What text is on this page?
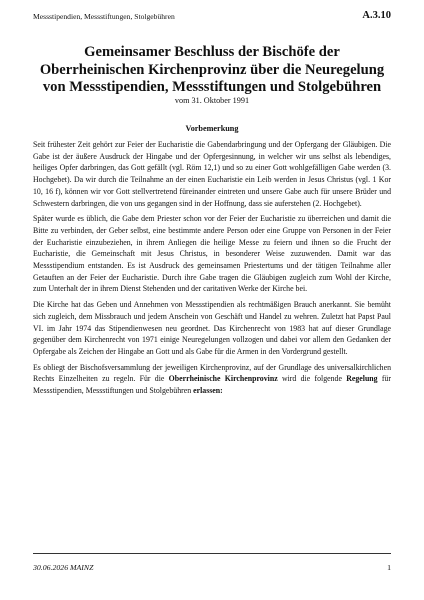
Messstipendien, Messstiftungen, Stolgebühren	A.3.10
Gemeinsamer Beschluss der Bischöfe der
Oberrheinischen Kirchenprovinz über die Neuregelung
von Messstipendien, Messstiftungen und Stolgebühren
vom 31. Oktober 1991
Vorbemerkung

Seit frühester Zeit gehört zur Feier der Eucharistie die Gabendarbringung und der Opfergang der Gläubigen. Die Gabe ist der äußere Ausdruck der Hingabe und der Opfergesinnung, in welcher wir uns selbst als lebendiges, heiliges Opfer darbringen, das Gott gefällt (vgl. Röm 12,1) und so zu einer Gott wohlgefälligen Gabe werden (3. Hochgebet). Da wir durch die Teilnahme an der einen Eucharistie ein Leib werden in Jesus Christus (vgl. 1 Kor 10, 16 f), können wir vor Gott stellvertretend füreinander eintreten und unsere Gabe auch für unsere Brüder und Schwestern darbringen, die von uns gegangen sind in der Hoffnung, dass sie auferstehen (2. Hochgebet).

Später wurde es üblich, die Gabe dem Priester schon vor der Feier der Eucharistie zu überreichen und damit die Bitte zu verbinden, der Geber selbst, eine bestimmte andere Person oder eine Gruppe von Personen in der Feier der Eucharistie einzubeziehen, in ihrem Anliegen die heilige Messe zu feiern und ihnen so die Frucht der Eucharistie, die Gemeinschaft mit Jesus Christus, in besonderer Weise zuzuwenden. Damit war das Messstipendium entstanden. Es ist Ausdruck des gemeinsamen Priestertums und der tätigen Teilnahme aller Getauften an der Feier der Eucharistie. Durch ihre Gabe tragen die Gläubigen zugleich zum Wohl der Kirche, zum Unterhalt der in ihrem Dienst Stehenden und der caritativen Werke der Kirche bei.

Die Kirche hat das Geben und Annehmen von Messstipendien als rechtmäßigen Brauch anerkannt. Sie bemüht sich zugleich, dem Missbrauch und jedem Anschein von Geschäft und Handel zu wehren. Zuletzt hat Papst Paul VI. im Jahr 1974 das Stipendienwesen neu geordnet. Das Kirchenrecht von 1983 hat auf dieser Grundlage gegenüber dem Kirchenrecht von 1971 einige Neuregelungen vollzogen und dabei vor allem den Gedanken der Opfergabe als Zeichen der Hingabe an Gott und als Gabe für die Armen in den Vordergrund gestellt.

Es obliegt der Bischofsversammlung der jeweiligen Kirchenprovinz, auf der Grundlage des universalkirchlichen Rechts Einzelheiten zu regeln. Für die Oberrheinische Kirchenprovinz wird die folgende Regelung für Messstipendien, Messstiftungen und Stolgebühren erlassen:

30.06.2026 MAINZ	1
